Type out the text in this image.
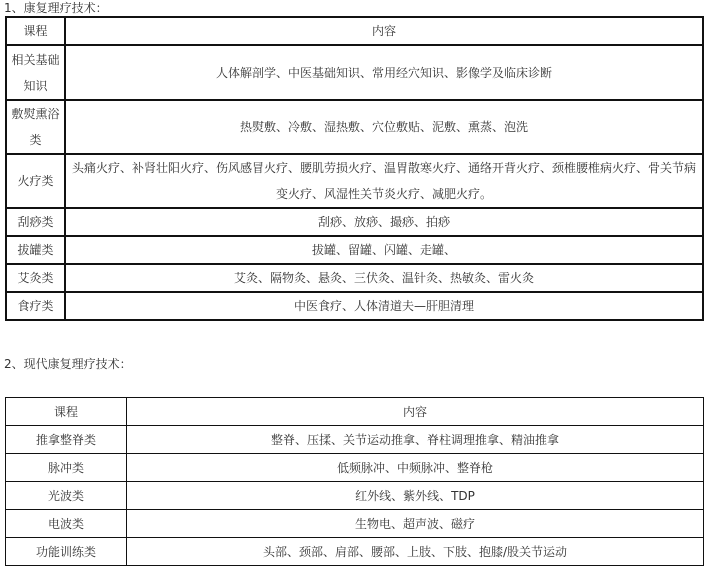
1、康复理疗技术：
课程	内容
相关基础知识	人体解剖学、中医基础知识、常用经穴知识、影像学及临床诊断
敷熨熏浴类	热熨敷、冷敷、湿热敷、穴位敷贴、泥敷、熏蒸、泡洗
火疗类	头痛火疗、补肾壮阳火疗、伤风感冒火疗、腰肌劳损火疗、温胃散寒火疗、通络开背火疗、颈椎腰椎病火疗、骨关节病变火疗、风湿性关节炎火疗、减肥火疗。
刮痧类	刮痧、放痧、撮痧、拍痧
拔罐类	拔罐、留罐、闪罐、走罐、
艾灸类	艾灸、隔物灸、悬灸、三伏灸、温针灸、热敏灸、雷火灸
食疗类	中医食疗、人体清道夫—肝胆清理
2、现代康复理疗技术：
课程	内容
推拿整脊类	整脊、压揉、关节运动推拿、脊柱调理推拿、精油推拿
脉冲类	低频脉冲、中频脉冲、整脊枪
光波类	红外线、紫外线、TDP
电波类	生物电、超声波、磁疗
功能训练类	头部、颈部、肩部、腰部、上肢、下肢、抱膝/股关节运动
